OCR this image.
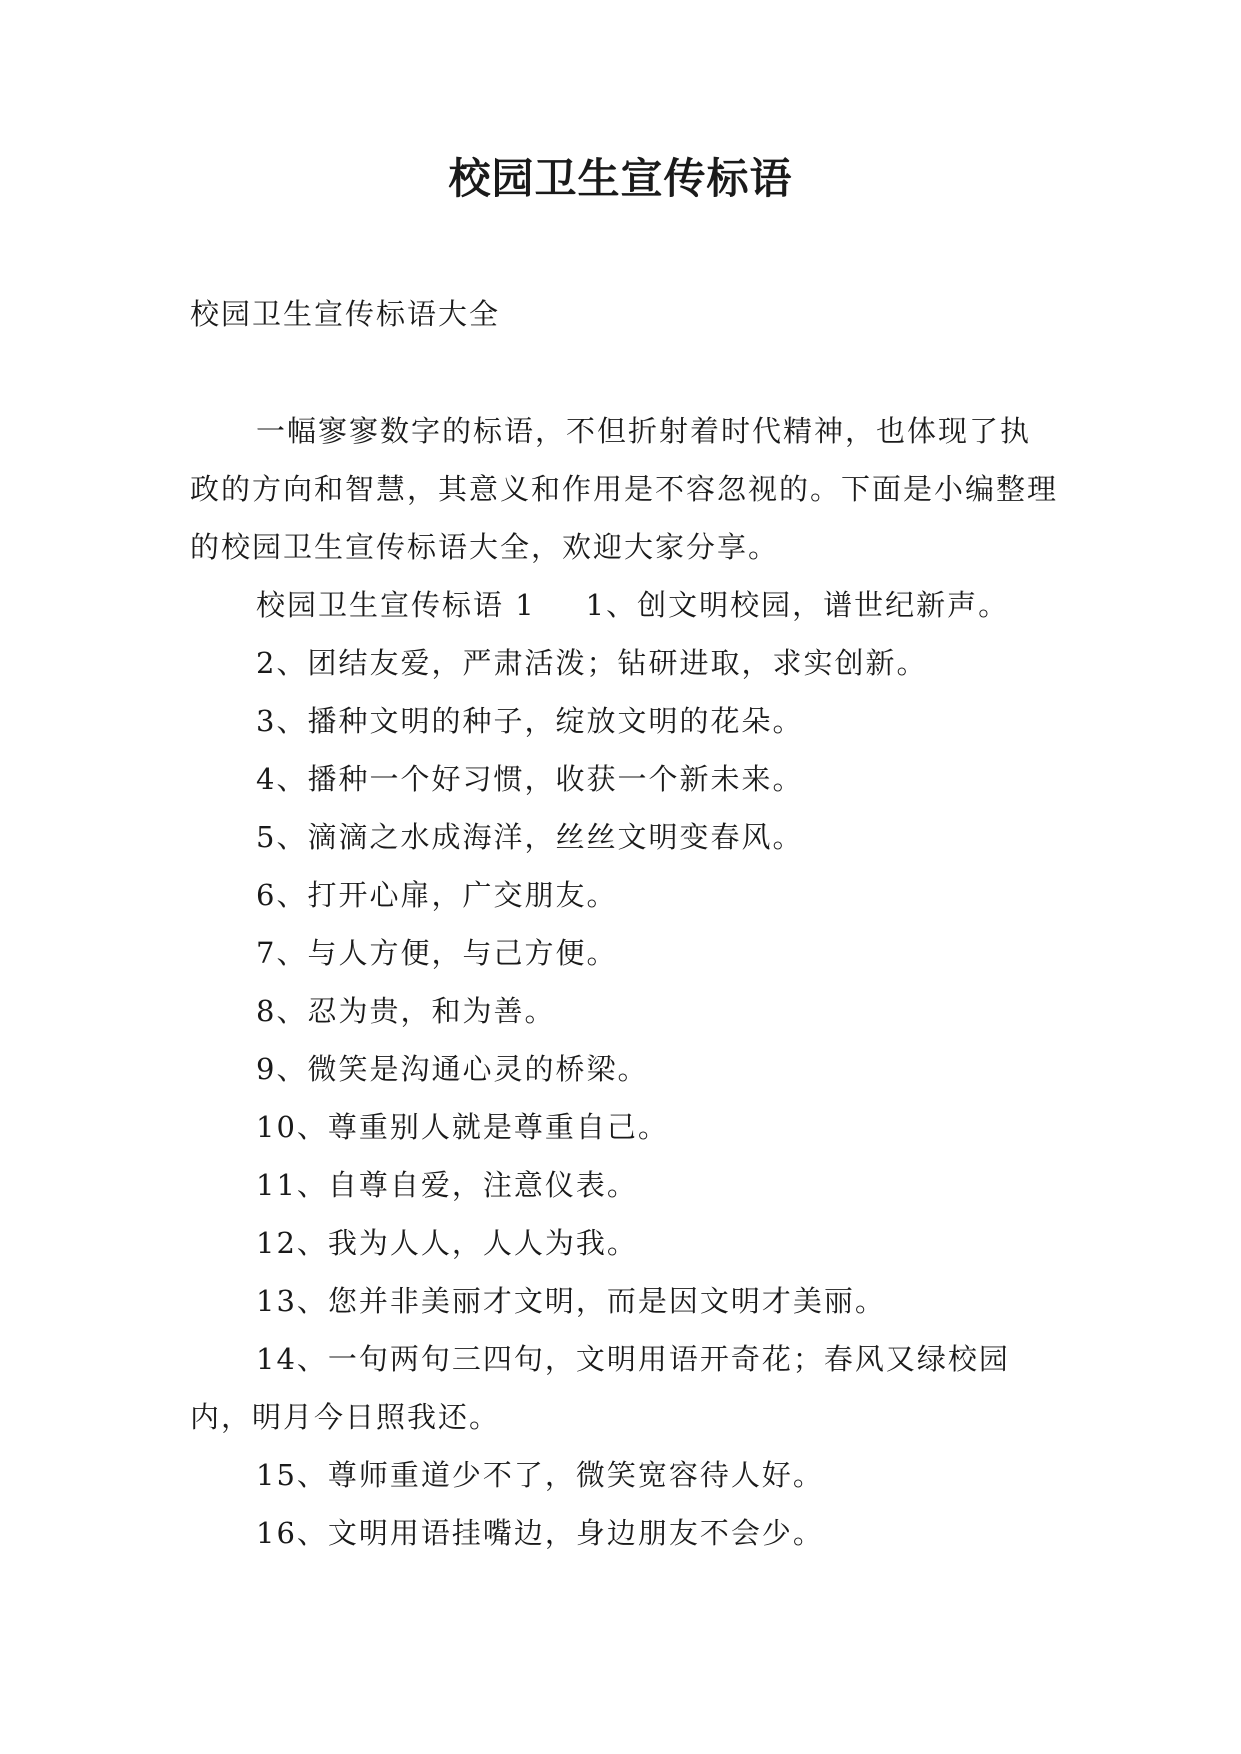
校园卫生宣传标语

校园卫生宣传标语大全

一幅寥寥数字的标语，不但折射着时代精神，也体现了执政的方向和智慧，其意义和作用是不容忽视的。下面是小编整理的校园卫生宣传标语大全，欢迎大家分享。

校园卫生宣传标语 1 1、创文明校园，谱世纪新声。
2、团结友爱，严肃活泼；钻研进取，求实创新。
3、播种文明的种子，绽放文明的花朵。
4、播种一个好习惯，收获一个新未来。
5、滴滴之水成海洋，丝丝文明变春风。
6、打开心扉，广交朋友。
7、与人方便，与己方便。
8、忍为贵，和为善。
9、微笑是沟通心灵的桥梁。
10、尊重别人就是尊重自己。
11、自尊自爱，注意仪表。
12、我为人人，人人为我。
13、您并非美丽才文明，而是因文明才美丽。
14、一句两句三四句，文明用语开奇花；春风又绿校园内，明月今日照我还。
15、尊师重道少不了，微笑宽容待人好。
16、文明用语挂嘴边，身边朋友不会少。
